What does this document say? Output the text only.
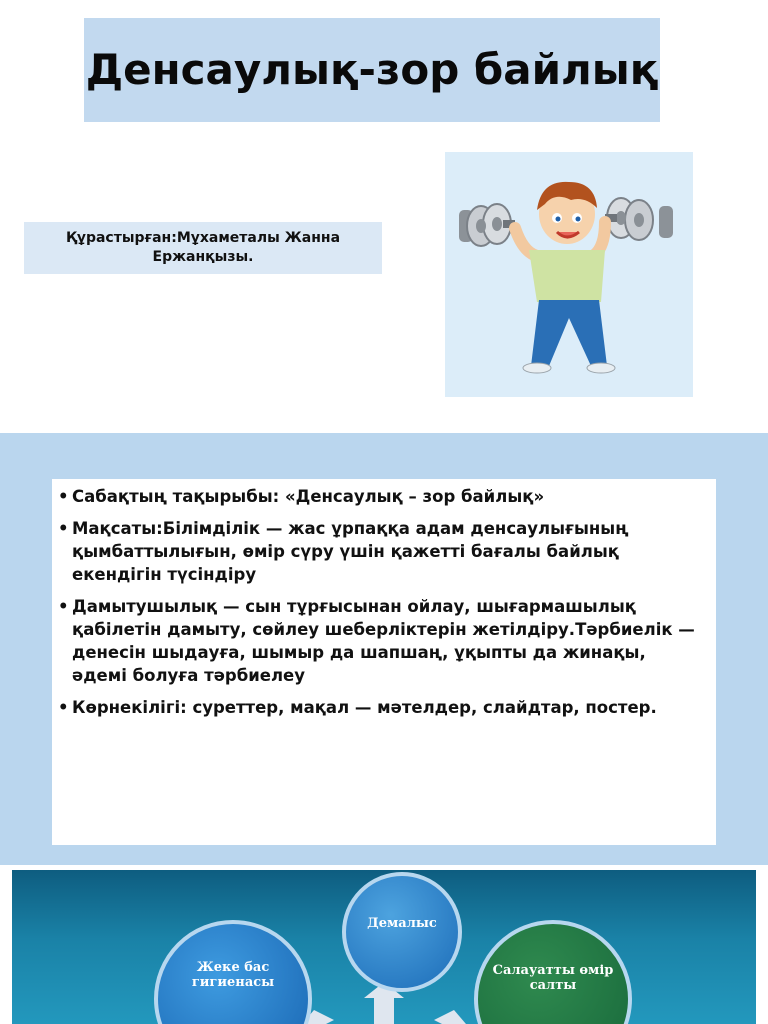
Денсаулық-зор байлық

Құрастырған:Мұхаметалы Жанна Ержанқызы.

• Сабақтың тақырыбы: «Денсаулық – зор байлық»
• Мақсаты:Білімділік — жас ұрпаққа адам денсаулығының қымбаттылығын, өмір сүру үшін қажетті бағалы байлық екендігін түсіндіру
• Дамытушылық — сын тұрғысынан ойлау, шығармашылық қабілетін дамыту, сөйлеу шеберліктерін жетілдіру.Тәрбиелік — денесін шыдауға, шымыр да шапшаң, ұқыпты да жинақы, әдемі болуға тәрбиелеу
• Көрнекілігі: суреттер, мақал — мәтелдер, слайдтар, постер.
Жеке бас гигиенасы
Демалыс
Салауатты өмір салты
